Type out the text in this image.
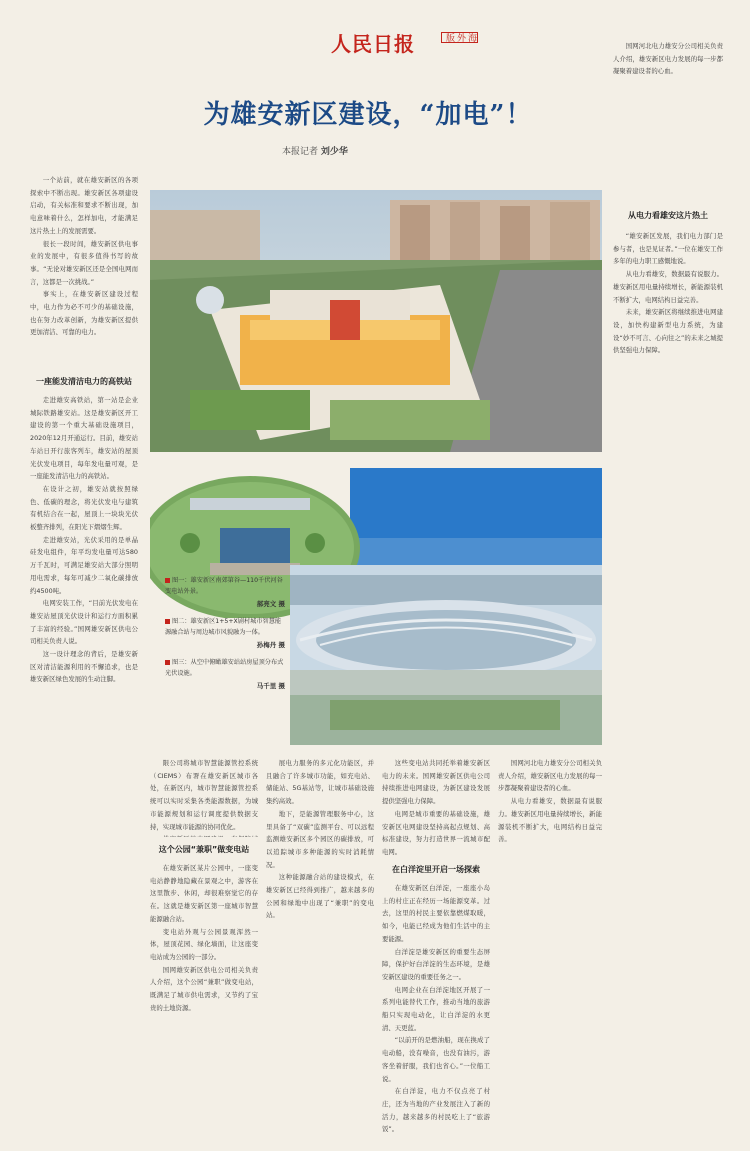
人民日报	海外版
为雄安新区建设，“加电”！
本报记者 刘少华

一个站前，就在雄安新区的各项探索中不断出现。雄安新区各项建设启动，有关标准和要求不断出现，加电意味着什么，怎样加电，才能满足这片热土上的发展需要。

很长一段时间，雄安新区供电事业的发展中，有很多值得书写的故事。“无论对雄安新区还是全国电网而言，这都是一次挑战。”

事实上，在雄安新区建设过程中，电力作为必不可少的基础设施，也在努力改革创新，为雄安新区提供更加清洁、可靠的电力。

一座能发清洁电力的高铁站

走进雄安高铁站，第一站是企业城际铁路雄安站。这是雄安新区开工建设的第一个重大基础设施项目，2020年12月开通运行。目前，雄安站车站日开行旅客列车，雄安站的屋顶光伏发电项目，每年发电量可观，是一座能发清洁电力的高铁站。

在设计之初，雄安站就按照绿色、低碳的理念，将光伏发电与建筑有机结合在一起，屋顶上一块块光伏板整齐排列，在阳光下熠熠生辉。

走进雄安站，光伏采用的是单晶硅发电组件，年平均发电量可达580万千瓦时，可满足雄安站大部分照明用电需求，每年可减少二氧化碳排放约4500吨。

电网安装工作，“目前光伏发电在雄安站屋顶光伏设计和运行方面积累了丰富的经验。”国网雄安新区供电公司相关负责人说。

这一设计理念的背后，是雄安新区对清洁能源利用的不懈追求，也是雄安新区绿色发展的生动注脚。

图一：雄安新区南郊第谷—110千伏河谷变电站外景。
郝亮文 摄
图二：雄安新区1+5+X剧村城市智慧能源融合站与周边城市风貌融为一体。
孙梅丹 摄
图三：从空中俯瞰雄安站站房屋顶分布式光伏设施。
马千里 摄

限公司将城市智慧能源管控系统（CIEMS）布署在雄安新区城市各处，在新区内，城市智慧能源管控系统可以实时采集各类能源数据，为城市能源规划和运行调度提供数据支持，实现城市能源的协同优化。

这个公园“兼职”做变电站

在雄安新区某片公园中，一座变电站静静地隐藏在景观之中，游客在这里散步、休闲，却很难察觉它的存在。这就是雄安新区第一座城市智慧能源融合站。

变电站外观与公园景观浑然一体，屋顶花园、绿化墙面，让这座变电站成为公园的一部分。

国网雄安新区供电公司相关负责人介绍，这个公园“兼职”做变电站，既满足了城市供电需求，又节约了宝贵的土地资源。

展电力服务的多元化功能区，并且融合了许多城市功能，如充电站、储能站、5G基站等，让城市基础设施集约高效。

地下，是能源管理服务中心，这里具备了“双碳”监测平台、可以远程监测雄安新区多个园区的碳排放，可以追踪城市多种能源的实时消耗情况。

这种能源融合站的建设模式，在雄安新区已经得到推广，越来越多的公园和绿地中出现了“兼职”的变电站。

这些变电站共同托举着雄安新区电力的未来。国网雄安新区供电公司持续推进电网建设，为新区建设发展提供坚强电力保障。

电网是城市重要的基础设施，雄安新区电网建设坚持高起点规划、高标准建设，努力打造世界一流城市配电网。

在白洋淀里开启一场探索

在雄安新区白洋淀，一座座小岛上的村庄正在经历一场能源变革。过去，这里的村民主要依靠燃煤取暖，如今，电能已经成为他们生活中的主要能源。

白洋淀是雄安新区的重要生态屏障，保护好白洋淀的生态环境，是雄安新区建设的重要任务之一。

电网企业在白洋淀地区开展了一系列电能替代工作，推动当地的旅游船只实现电动化，让白洋淀的水更清、天更蓝。

“以前开的是燃油船，现在换成了电动船，没有噪音，也没有油污，游客坐着舒服，我们也省心。”一位船工说。

在白洋淀，电力不仅点亮了村庄，还为当地的产业发展注入了新的活力，越来越多的村民吃上了“旅游饭”。

国网河北电力雄安分公司相关负责人介绍，雄安新区电力发展的每一步都凝聚着建设者的心血。

从电力看雄安，数据最有说服力。雄安新区用电量持续增长，新能源装机不断扩大，电网结构日益完善。

国网河北电力雄安分公司相关负责人介绍，雄安新区电力发展的每一步都凝聚着建设者的心血。

从电力看雄安这片热土

“雄安新区发展，我们电力部门是参与者，也是见证者。”一位在雄安工作多年的电力职工感慨地说。

从电力看雄安，数据最有说服力。雄安新区用电量持续增长，新能源装机不断扩大，电网结构日益完善。

未来，雄安新区将继续推进电网建设，加快构建新型电力系统，为建设“妙不可言、心向往之”的未来之城提供坚强电力保障。
